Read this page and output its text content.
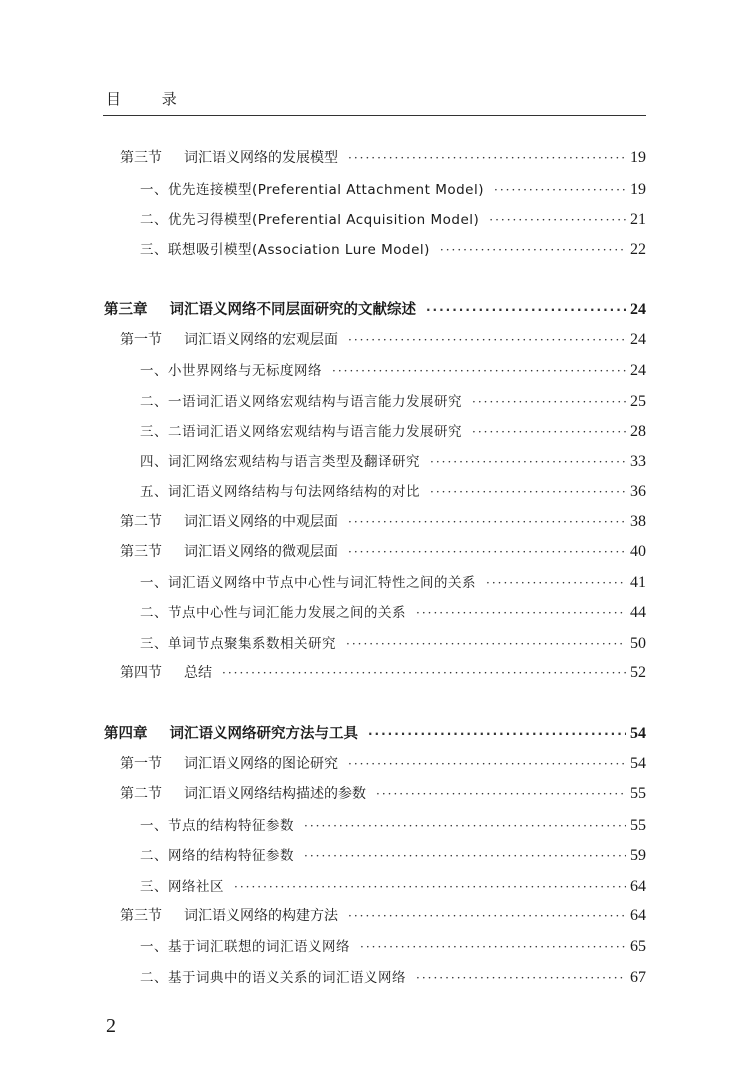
目 录
第三节 词汇语义网络的发展模型 ·····	19
一、优先连接模型(Preferential Attachment Model) ·····	19
二、优先习得模型(Preferential Acquisition Model) ·····	21
三、联想吸引模型(Association Lure Model) ·····	22
第三章 词汇语义网络不同层面研究的文献综述 ·····	24
第一节 词汇语义网络的宏观层面 ·····	24
一、小世界网络与无标度网络 ·····	24
二、一语词汇语义网络宏观结构与语言能力发展研究 ·····	25
三、二语词汇语义网络宏观结构与语言能力发展研究 ·····	28
四、词汇网络宏观结构与语言类型及翻译研究 ·····	33
五、词汇语义网络结构与句法网络结构的对比 ·····	36
第二节 词汇语义网络的中观层面 ·····	38
第三节 词汇语义网络的微观层面 ·····	40
一、词汇语义网络中节点中心性与词汇特性之间的关系 ·····	41
二、节点中心性与词汇能力发展之间的关系 ·····	44
三、单词节点聚集系数相关研究 ·····	50
第四节 总结 ·····	52
第四章 词汇语义网络研究方法与工具 ·····	54
第一节 词汇语义网络的图论研究 ·····	54
第二节 词汇语义网络结构描述的参数 ·····	55
一、节点的结构特征参数 ·····	55
二、网络的结构特征参数 ·····	59
三、网络社区 ·····	64
第三节 词汇语义网络的构建方法 ·····	64
一、基于词汇联想的词汇语义网络 ·····	65
二、基于词典中的语义关系的词汇语义网络 ·····	67
2
